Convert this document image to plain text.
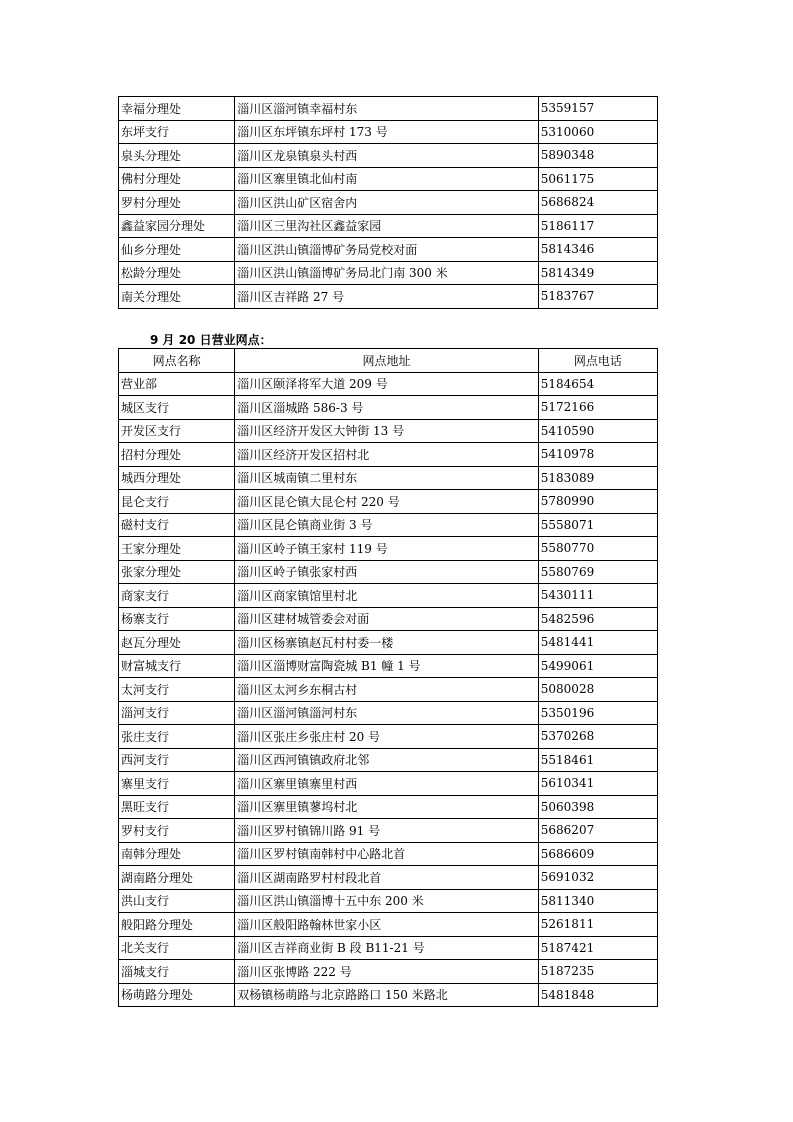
幸福分理处	淄川区淄河镇幸福村东	5359157
东坪支行	淄川区东坪镇东坪村 173 号	5310060
泉头分理处	淄川区龙泉镇泉头村西	5890348
佛村分理处	淄川区寨里镇北仙村南	5061175
罗村分理处	淄川区洪山矿区宿舍内	5686824
鑫益家园分理处	淄川区三里沟社区鑫益家园	5186117
仙乡分理处	淄川区洪山镇淄博矿务局党校对面	5814346
松龄分理处	淄川区洪山镇淄博矿务局北门南 300 米	5814349
南关分理处	淄川区吉祥路 27 号	5183767
9 月 20 日营业网点：
网点名称	网点地址	网点电话
营业部	淄川区颐泽将军大道 209 号	5184654
城区支行	淄川区淄城路 586-3 号	5172166
开发区支行	淄川区经济开发区大钟街 13 号	5410590
招村分理处	淄川区经济开发区招村北	5410978
城西分理处	淄川区城南镇二里村东	5183089
昆仑支行	淄川区昆仑镇大昆仑村 220 号	5780990
磁村支行	淄川区昆仑镇商业街 3 号	5558071
王家分理处	淄川区岭子镇王家村 119 号	5580770
张家分理处	淄川区岭子镇张家村西	5580769
商家支行	淄川区商家镇馆里村北	5430111
杨寨支行	淄川区建材城管委会对面	5482596
赵瓦分理处	淄川区杨寨镇赵瓦村村委一楼	5481441
财富城支行	淄川区淄博财富陶瓷城 B1 幢 1 号	5499061
太河支行	淄川区太河乡东桐古村	5080028
淄河支行	淄川区淄河镇淄河村东	5350196
张庄支行	淄川区张庄乡张庄村 20 号	5370268
西河支行	淄川区西河镇镇政府北邻	5518461
寨里支行	淄川区寨里镇寨里村西	5610341
黑旺支行	淄川区寨里镇蓼坞村北	5060398
罗村支行	淄川区罗村镇锦川路 91 号	5686207
南韩分理处	淄川区罗村镇南韩村中心路北首	5686609
湖南路分理处	淄川区湖南路罗村村段北首	5691032
洪山支行	淄川区洪山镇淄博十五中东 200 米	5811340
般阳路分理处	淄川区般阳路翰林世家小区	5261811
北关支行	淄川区吉祥商业街 B 段 B11-21 号	5187421
淄城支行	淄川区张博路 222 号	5187235
杨萌路分理处	双杨镇杨萌路与北京路路口 150 米路北	5481848
